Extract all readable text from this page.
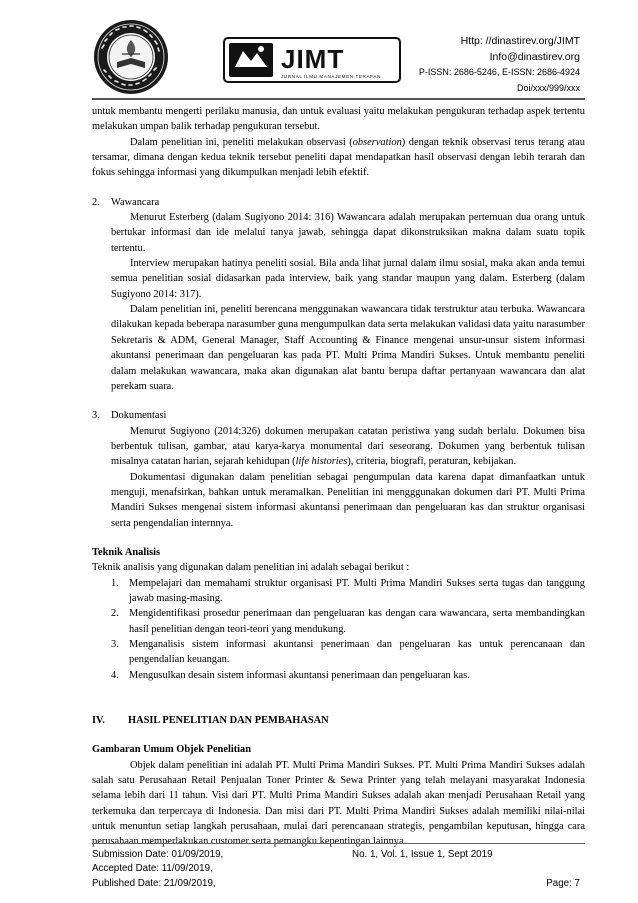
JIMT
JURNAL ILMU MANAJEMEN TERAPAN
Http: //dinastirev.org/JIMT
Info@dinastirev.org
P-ISSN: 2686-5246, E-ISSN: 2686-4924
Doi/xxx/999/xxx

untuk membantu mengerti perilaku manusia, dan untuk evaluasi yaitu melakukan pengukuran terhadap aspek tertentu melakukan umpan balik terhadap pengukuran tersebut.

Dalam penelitian ini, peneliti melakukan observasi (observation) dengan teknik observasi terus terang atau tersamar, dimana dengan kedua teknik tersebut peneliti dapat mendapatkan hasil observasi dengan lebih terarah dan fokus sehingga informasi yang dikumpulkan menjadi lebih efektif.

2. Wawancara

Menurut Esterberg (dalam Sugiyono 2014: 316) Wawancara adalah merupakan pertemuan dua orang untuk bertukar informasi dan ide melalui tanya jawab, sehingga dapat dikonstruksikan makna dalam suatu topik tertentu.

Interview merupakan hatinya peneliti sosial. Bila anda lihat jurnal dalam ilmu sosial, maka akan anda temui semua penelitian sosial didasarkan pada interview, baik yang standar maupun yang dalam. Esterberg (dalam Sugiyono 2014: 317).

Dalam penelitian ini, peneliti berencana menggunakan wawancara tidak terstruktur atau terbuka. Wawancara dilakukan kepada beberapa narasumber guna mengumpulkan data serta melakukan validasi data yaitu narasumber Sekretaris & ADM, General Manager, Staff Accounting & Finance mengenai unsur-unsur sistem informasi akuntansi penerimaan dan pengeluaran kas pada PT. Multi Prima Mandiri Sukses. Untuk membantu peneliti dalam melakukan wawancara, maka akan digunakan alat bantu berupa daftar pertanyaan wawancara dan alat perekam suara.

3. Dokumentasi

Menurut Sugiyono (2014:326) dokumen merupakan catatan peristiwa yang sudah berlalu. Dokumen bisa berbentuk tulisan, gambar, atau karya-karya monumental dari seseorang. Dokumen yang berbentuk tulisan misalnya catatan harian, sejarah kehidupan (life histories), criteria, biografi, peraturan, kebijakan.

Dokumentasi digunakan dalam penelitian sebagai pengumpulan data karena dapat dimanfaatkan untuk menguji, menafsirkan, bahkan untuk meramalkan. Penelitian ini mengggunakan dokumen dari PT. Multi Prima Mandiri Sukses mengenai sistem informasi akuntansi penerimaan dan pengeluaran kas dan struktur organisasi serta pengendalian internnya.

Teknik Analisis

Teknik analisis yang digunakan dalam penelitian ini adalah sebagai berikut :

1. Mempelajari dan memahami struktur organisasi PT. Multi Prima Mandiri Sukses serta tugas dan tanggung jawab masing-masing.
2. Mengidentifikasi prosedur penerimaan dan pengeluaran kas dengan cara wawancara, serta membandingkan hasil penelitian dengan teori-teori yang mendukung.
3. Menganalisis sistem informasi akuntansi penerimaan dan pengeluaran kas untuk perencanaan dan pengendalian keuangan.
4. Mengusulkan desain sistem informasi akuntansi penerimaan dan pengeluaran kas.

IV. HASIL PENELITIAN DAN PEMBAHASAN

Gambaran Umum Objek Penelitian

Objek dalam penelitian ini adalah PT. Multi Prima Mandiri Sukses. PT. Multi Prima Mandiri Sukses adalah salah satu Perusahaan Retail Penjualan Toner Printer & Sewa Printer yang telah melayani masyarakat Indonesia selama lebih dari 11 tahun. Visi dari PT. Multi Prima Mandiri Sukses adalah akan menjadi Perusahaan Retail yang terkemuka dan terpercaya di Indonesia. Dan misi dari PT. Multi Prima Mandiri Sukses adalah memiliki nilai-nilai untuk menuntun setiap langkah perusahaan, mulai dari perencanaan strategis, pengambilan keputusan, hingga cara perusahaan memperlakukan customer serta pemangku kepentingan lainnya.

Submission Date: 01/09/2019,
Accepted Date: 11/09/2019,
Published Date: 21/09/2019,
No. 1, Vol. 1, Issue 1, Sept 2019
Page: 7
